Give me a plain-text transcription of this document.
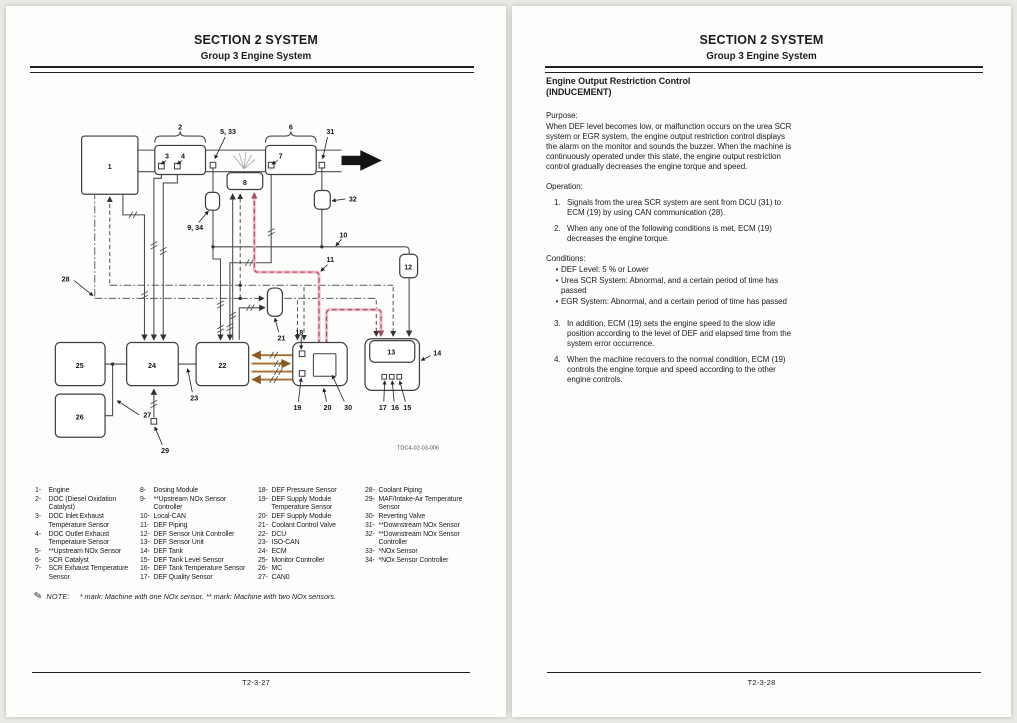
SECTION 2 SYSTEM
Group 3 Engine System
1
2
3 4
5, 33
6
7
8
9, 34
10
11
12
13	14
15
16
17
18
19	20
21
22
23
24
25
26	27
28
29
30
31
32
TDC4-02-03-006
1-	Engine
2-	DOC (Diesel Oxidation Catalyst)
3-	DOC Inlet Exhaust Temperature Sensor
4-	DOC Outlet Exhaust Temperature Sensor
5-	**Upstream NOx Sensor
6-	SCR Catalyst
7-	SCR Exhaust Temperature Sensor
8-	Dosing Module
9-	**Upstream NOx Sensor Controller
10- Local-CAN
11- DEF Piping
12- DEF Sensor Unit Controller
13- DEF Sensor Unit
14- DEF Tank
15- DEF Tank Level Sensor
16- DEF Tank Temperature Sensor
17- DEF Quality Sensor
18- DEF Pressure Sensor
19- DEF Supply Module Temperature Sensor
20- DEF Supply Module
21- Coolant Control Valve
22- DCU
23- ISO-CAN
24- ECM
25- Monitor Controller
26- MC
27- CAN0
28- Coolant Piping
29- MAF/Intake-Air Temperature Sensor
30- Reverting Valve
31- **Downstream NOx Sensor
32- **Downstream NOx Sensor Controller
33- *NOx Sensor
34- *NOx Sensor Controller
✎ NOTE: * mark: Machine with one NOx sensor. ** mark: Machine with two NOx sensors.
T2-3-27
SECTION 2 SYSTEM
Group 3 Engine System
Engine Output Restriction Control
(INDUCEMENT)
Purpose:
When DEF level becomes low, or malfunction occurs on the urea SCR system or EGR system, the engine output restriction control displays the alarm on the monitor and sounds the buzzer. When the machine is continuously operated under this state, the engine output restriction control gradually decreases the engine torque and speed.
Operation:
1. Signals from the urea SCR system are sent from DCU (31) to ECM (19) by using CAN communication (28).
2. When any one of the following conditions is met, ECM (19) decreases the engine torque.
Conditions:
• DEF Level: 5 % or Lower
• Urea SCR System: Abnormal, and a certain period of time has passed
• EGR System: Abnormal, and a certain period of time has passed
3. In addition, ECM (19) sets the engine speed to the slow idle position according to the level of DEF and elapsed time from the system error occurrence.
4. When the machine recovers to the normal condition, ECM (19) controls the engine torque and speed according to the other engine controls.
T2-3-28
